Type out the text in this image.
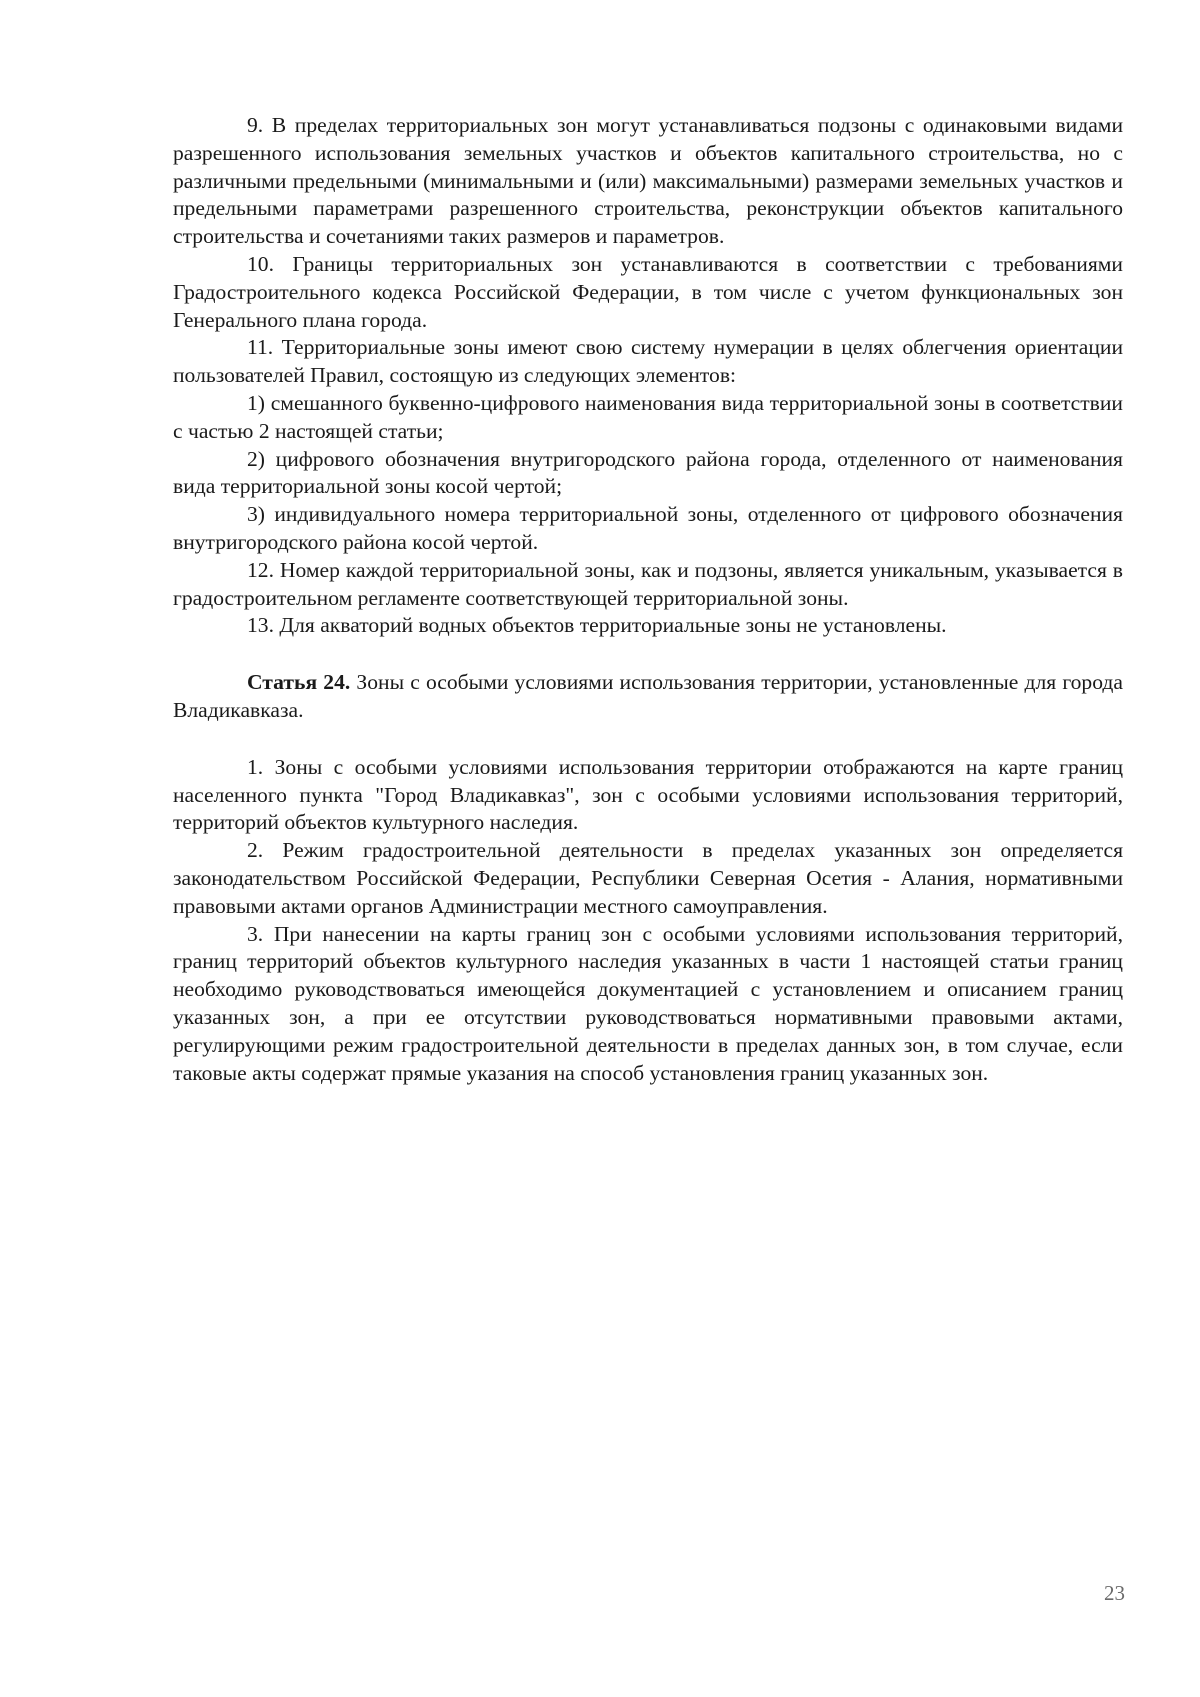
9. В пределах территориальных зон могут устанавливаться подзоны с одинаковыми видами разрешенного использования земельных участков и объектов капитального строительства, но с различными предельными (минимальными и (или) максимальными) размерами земельных участков и предельными параметрами разрешенного строительства, реконструкции объектов капитального строительства и сочетаниями таких размеров и параметров.

10. Границы территориальных зон устанавливаются в соответствии с требованиями Градостроительного кодекса Российской Федерации, в том числе с учетом функциональных зон Генерального плана города.

11. Территориальные зоны имеют свою систему нумерации в целях облегчения ориентации пользователей Правил, состоящую из следующих элементов:

1) смешанного буквенно-цифрового наименования вида территориальной зоны в соответствии с частью 2 настоящей статьи;

2) цифрового обозначения внутригородского района города, отделенного от наименования вида территориальной зоны косой чертой;

3) индивидуального номера территориальной зоны, отделенного от цифрового обозначения внутригородского района косой чертой.

12. Номер каждой территориальной зоны, как и подзоны, является уникальным, указывается в градостроительном регламенте соответствующей территориальной зоны.

13. Для акваторий водных объектов территориальные зоны не установлены.

Статья 24. Зоны с особыми условиями использования территории, установленные для города Владикавказа.

1. Зоны с особыми условиями использования территории отображаются на карте границ населенного пункта "Город Владикавказ", зон с особыми условиями использования территорий, территорий объектов культурного наследия.

2. Режим градостроительной деятельности в пределах указанных зон определяется законодательством Российской Федерации, Республики Северная Осетия - Алания, нормативными правовыми актами органов Администрации местного самоуправления.

3. При нанесении на карты границ зон с особыми условиями использования территорий, границ территорий объектов культурного наследия указанных в части 1 настоящей статьи границ необходимо руководствоваться имеющейся документацией с установлением и описанием границ указанных зон, а при ее отсутствии руководствоваться нормативными правовыми актами, регулирующими режим градостроительной деятельности в пределах данных зон, в том случае, если таковые акты содержат прямые указания на способ установления границ указанных зон.

23
